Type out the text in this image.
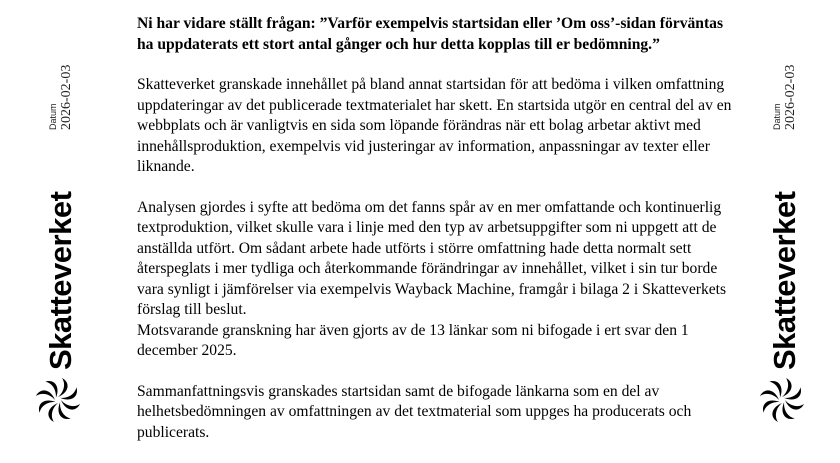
Datum 2026-02-03
Skatteverket
Datum 2026-02-03
Skatteverket

Ni har vidare ställt frågan: ”Varför exempelvis startsidan eller ’Om oss’-sidan förväntas ha uppdaterats ett stort antal gånger och hur detta kopplas till er bedömning.”

Skatteverket granskade innehållet på bland annat startsidan för att bedöma i vilken omfattning uppdateringar av det publicerade textmaterialet har skett. En startsida utgör en central del av en webbplats och är vanligtvis en sida som löpande förändras när ett bolag arbetar aktivt med innehållsproduktion, exempelvis vid justeringar av information, anpassningar av texter eller liknande.

Analysen gjordes i syfte att bedöma om det fanns spår av en mer omfattande och kontinuerlig textproduktion, vilket skulle vara i linje med den typ av arbetsuppgifter som ni uppgett att de anställda utfört. Om sådant arbete hade utförts i större omfattning hade detta normalt sett återspeglats i mer tydliga och återkommande förändringar av innehållet, vilket i sin tur borde vara synligt i jämförelser via exempelvis Wayback Machine, framgår i bilaga 2 i Skatteverkets förslag till beslut.

Motsvarande granskning har även gjorts av de 13 länkar som ni bifogade i ert svar den 1 december 2025.

Sammanfattningsvis granskades startsidan samt de bifogade länkarna som en del av helhetsbedömningen av omfattningen av det textmaterial som uppges ha producerats och publicerats.
